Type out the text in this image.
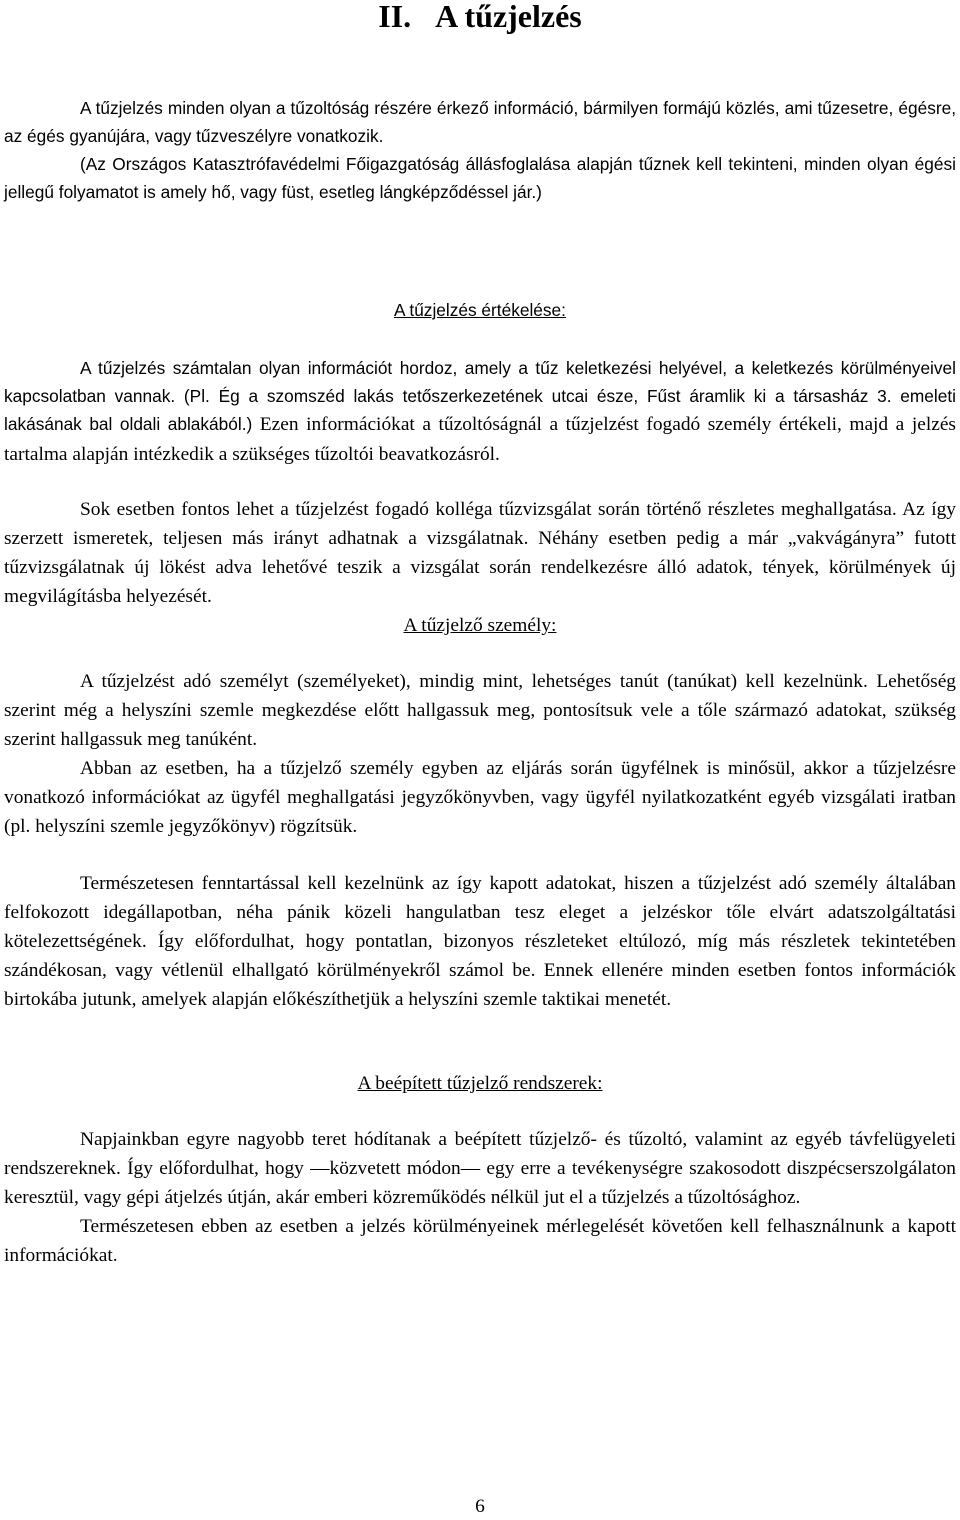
II. A tűzjelzés

A tűzjelzés minden olyan a tűzoltóság részére érkező információ, bármilyen formájú közlés, ami tűzesetre, égésre, az égés gyanújára, vagy tűzveszélyre vonatkozik.

(Az Országos Katasztrófavédelmi Főigazgatóság állásfoglalása alapján tűznek kell tekinteni, minden olyan égési jellegű folyamatot is amely hő, vagy füst, esetleg lángképződéssel jár.)

A tűzjelzés értékelése:

A tűzjelzés számtalan olyan információt hordoz, amely a tűz keletkezési helyével, a keletkezés körülményeivel kapcsolatban vannak. (Pl. Ég a szomszéd lakás tetőszerkezetének utcai észe, Fűst áramlik ki a társasház 3. emeleti lakásának bal oldali ablakából.) Ezen információkat a tűzoltóságnál a tűzjelzést fogadó személy értékeli, majd a jelzés tartalma alapján intézkedik a szükséges tűzoltói beavatkozásról.

Sok esetben fontos lehet a tűzjelzést fogadó kolléga tűzvizsgálat során történő részletes meghallgatása. Az így szerzett ismeretek, teljesen más irányt adhatnak a vizsgálatnak. Néhány esetben pedig a már „vakvágányra” futott tűzvizsgálatnak új lökést adva lehetővé teszik a vizsgálat során rendelkezésre álló adatok, tények, körülmények új megvilágításba helyezését.

A tűzjelző személy:

A tűzjelzést adó személyt (személyeket), mindig mint, lehetséges tanút (tanúkat) kell kezelnünk. Lehetőség szerint még a helyszíni szemle megkezdése előtt hallgassuk meg, pontosítsuk vele a tőle származó adatokat, szükség szerint hallgassuk meg tanúként.

Abban az esetben, ha a tűzjelző személy egyben az eljárás során ügyfélnek is minősül, akkor a tűzjelzésre vonatkozó információkat az ügyfél meghallgatási jegyzőkönyvben, vagy ügyfél nyilatkozatként egyéb vizsgálati iratban (pl. helyszíni szemle jegyzőkönyv) rögzítsük.

Természetesen fenntartással kell kezelnünk az így kapott adatokat, hiszen a tűzjelzést adó személy általában felfokozott idegállapotban, néha pánik közeli hangulatban tesz eleget a jelzéskor tőle elvárt adatszolgáltatási kötelezettségének. Így előfordulhat, hogy pontatlan, bizonyos részleteket eltúlozó, míg más részletek tekintetében szándékosan, vagy vétlenül elhallgató körülményekről számol be. Ennek ellenére minden esetben fontos információk birtokába jutunk, amelyek alapján előkészíthetjük a helyszíni szemle taktikai menetét.

A beépített tűzjelző rendszerek:

Napjainkban egyre nagyobb teret hódítanak a beépített tűzjelző- és tűzoltó, valamint az egyéb távfelügyeleti rendszereknek. Így előfordulhat, hogy ―közvetett módon― egy erre a tevékenységre szakosodott diszpécserszolgálaton keresztül, vagy gépi átjelzés útján, akár emberi közreműködés nélkül jut el a tűzjelzés a tűzoltósághoz.

Természetesen ebben az esetben a jelzés körülményeinek mérlegelését követően kell felhasználnunk a kapott információkat.

6
